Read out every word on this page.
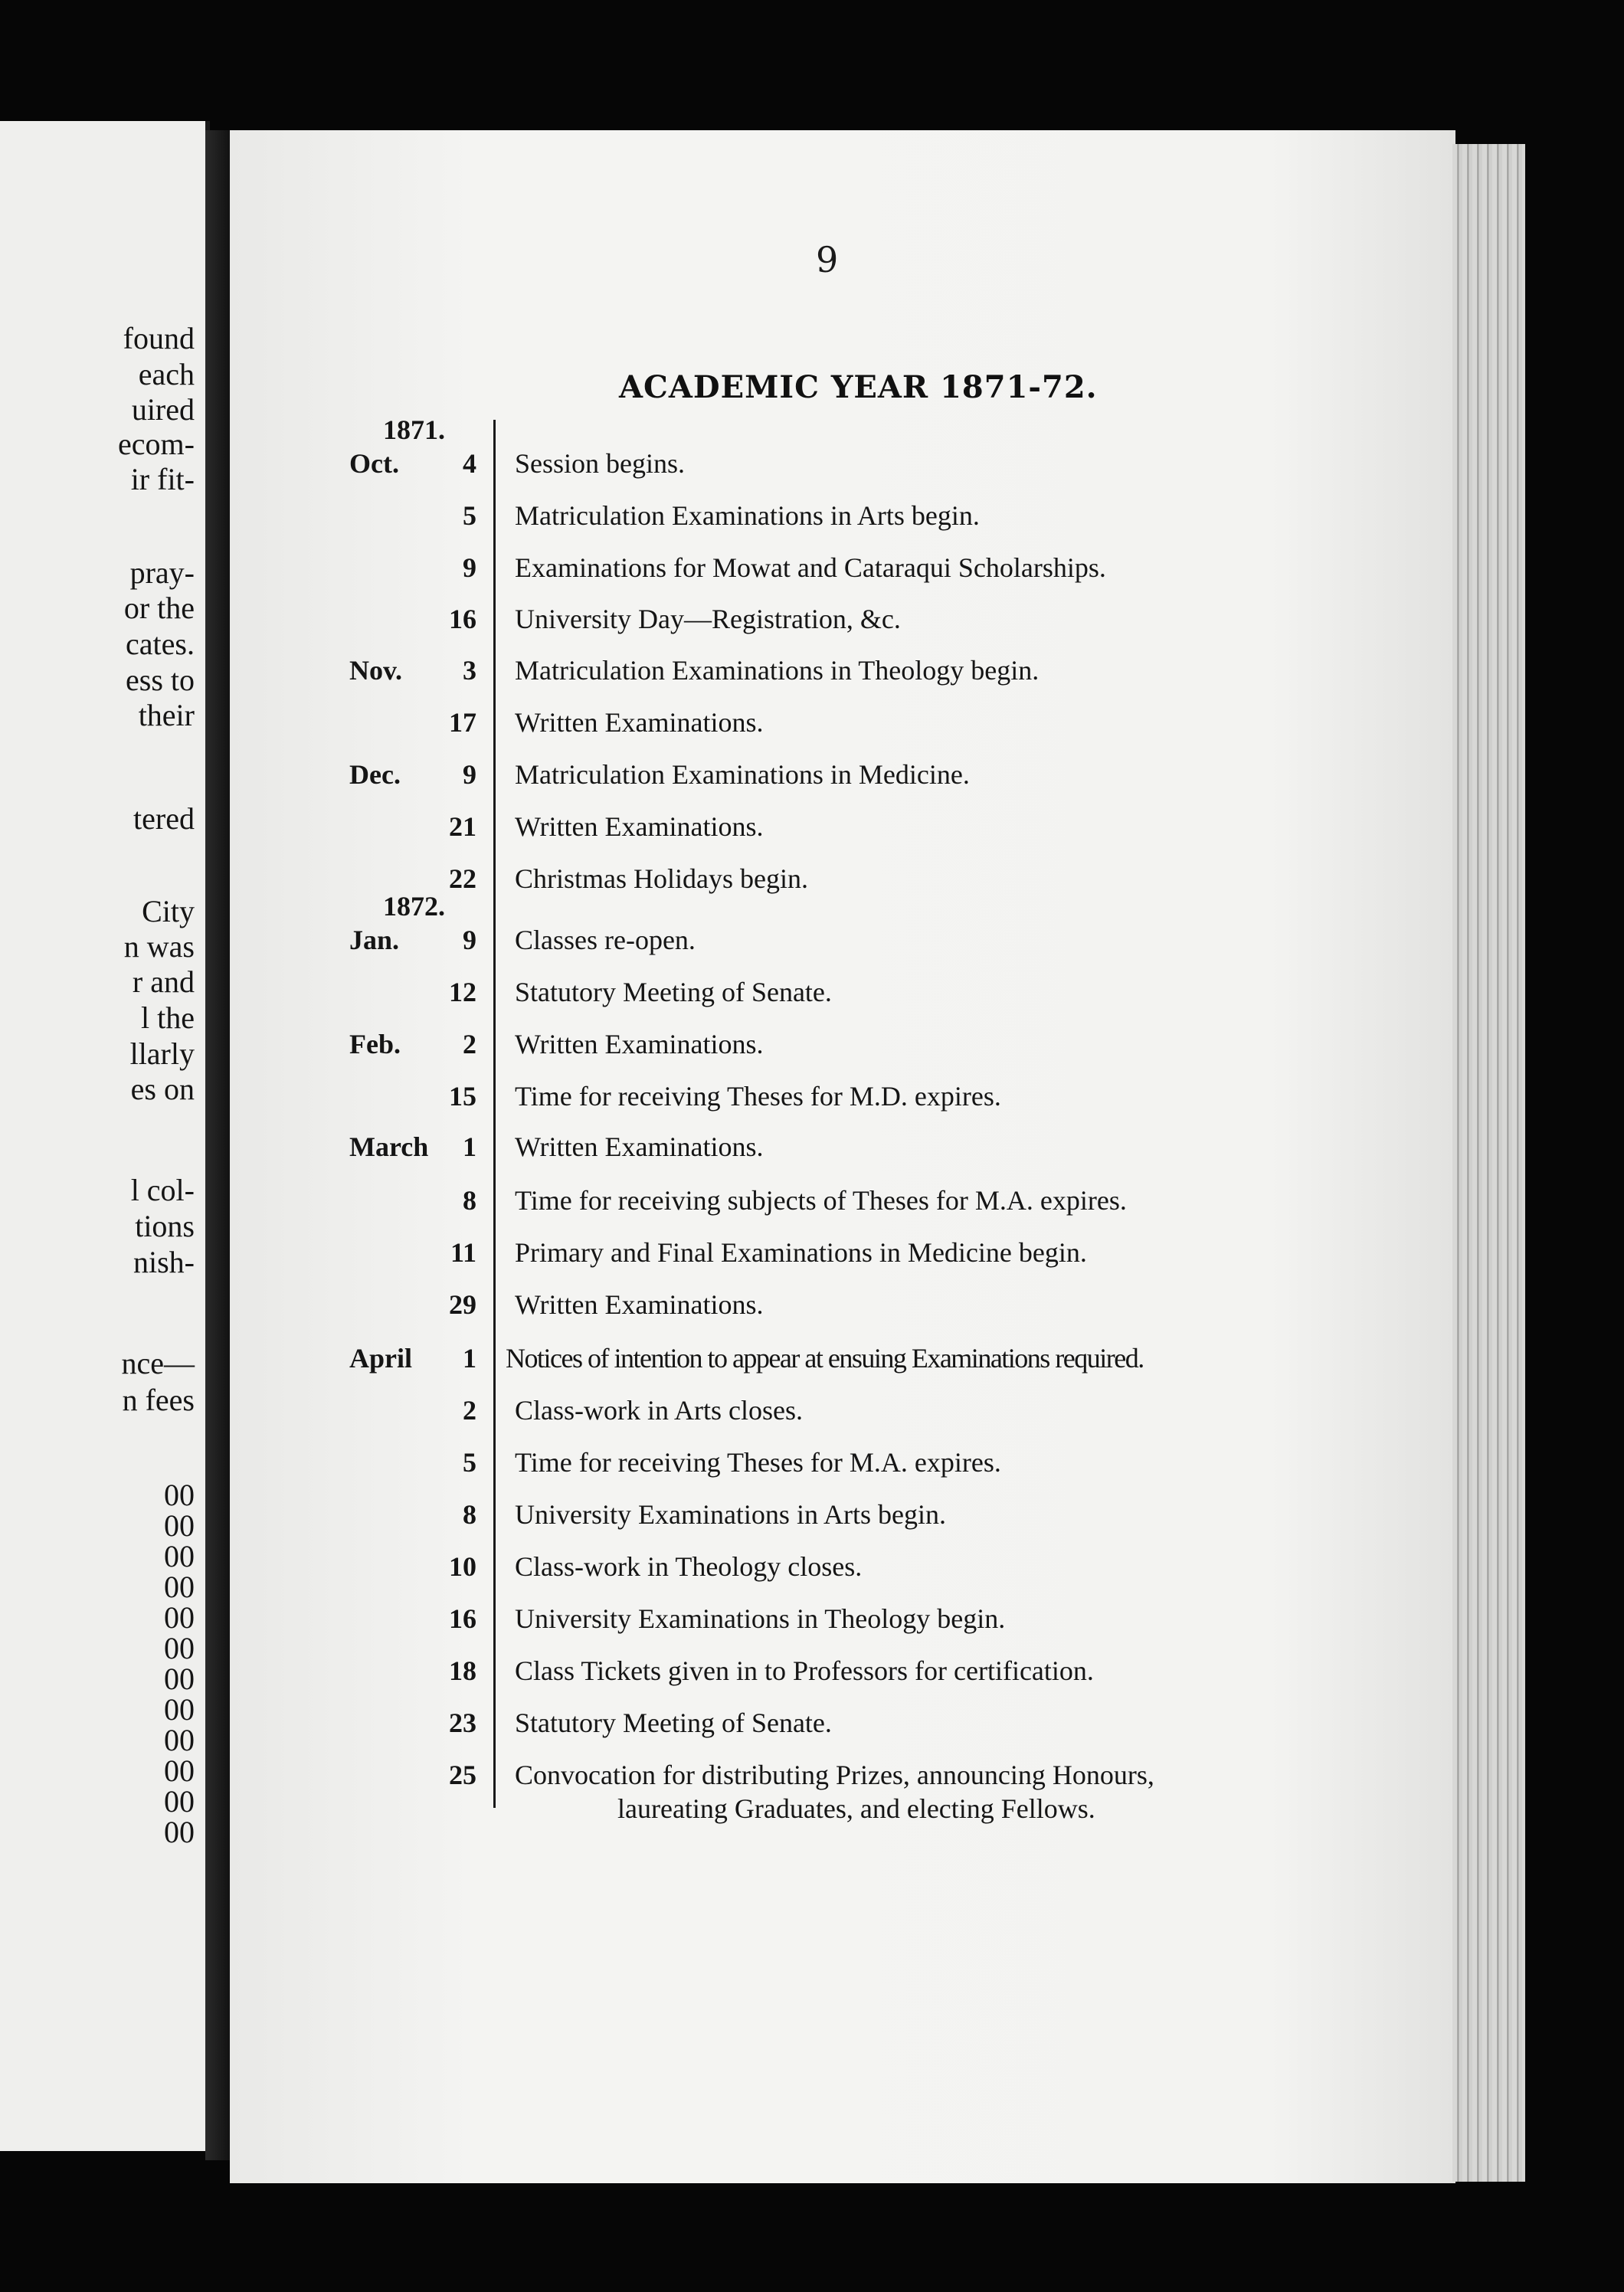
found
each
uired
ecom-
ir fit-
pray-
or the
cates.
ess to
their
tered
City
n was
r and
l the
llarly
es on
l col-
tions
nish-
nce—
n fees
00
00
00
00
00
00
00
00
00
00
00
00
9
ACADEMIC YEAR 1871-72.
1871.
Oct.	4 Session begins.
5 Matriculation Examinations in Arts begin.
9 Examinations for Mowat and Cataraqui Scholarships.
16 University Day—Registration, &c.
Nov.	3 Matriculation Examinations in Theology begin.
17 Written Examinations.
Dec.	9 Matriculation Examinations in Medicine.
21 Written Examinations.
22 Christmas Holidays begin.
1872.
Jan.	9 Classes re-open.
12 Statutory Meeting of Senate.
Feb.	2 Written Examinations.
15 Time for receiving Theses for M.D. expires.
March	1 Written Examinations.
8 Time for receiving subjects of Theses for M.A. expires.
11 Primary and Final Examinations in Medicine begin.
29 Written Examinations.
April	1 Notices of intention to appear at ensuing Examinations required.
2 Class-work in Arts closes.
5 Time for receiving Theses for M.A. expires.
8 University Examinations in Arts begin.
10 Class-work in Theology closes.
16 University Examinations in Theology begin.
18 Class Tickets given in to Professors for certification.
23 Statutory Meeting of Senate.
25 Convocation for distributing Prizes, announcing Honours,
laureating Graduates, and electing Fellows.
